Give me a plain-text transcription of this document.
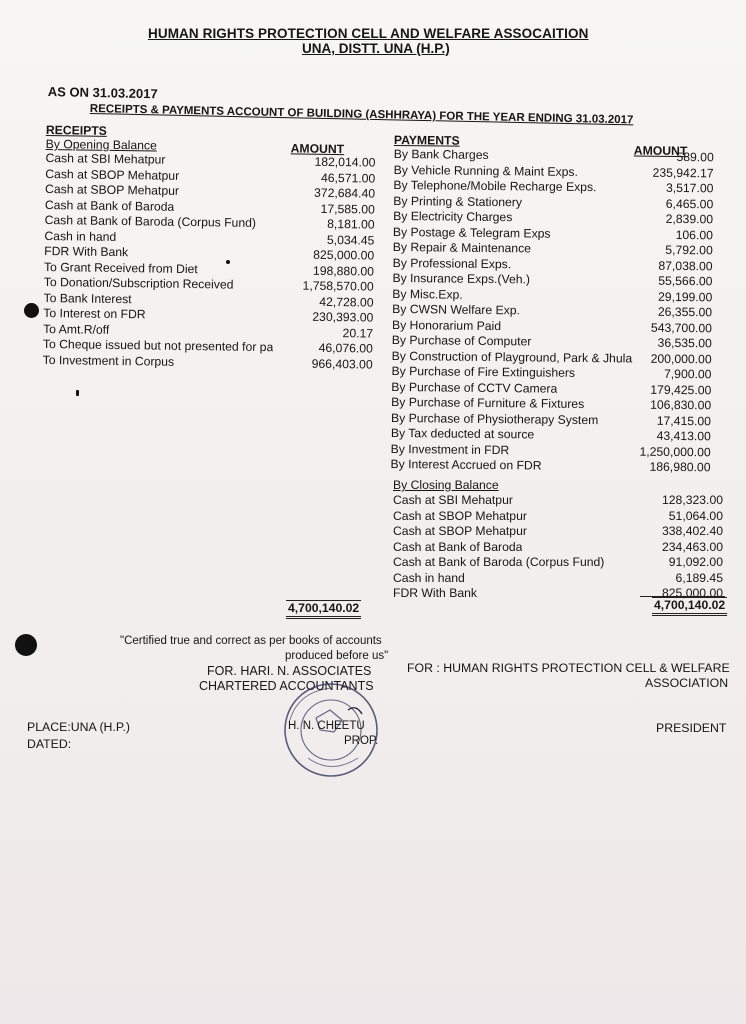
HUMAN RIGHTS PROTECTION CELL AND WELFARE ASSOCAITION
UNA, DISTT. UNA (H.P.)
AS ON 31.03.2017
RECEIPTS & PAYMENTS ACCOUNT OF BUILDING (ASHHRAYA) FOR THE YEAR ENDING 31.03.2017
RECEIPTS
AMOUNT
By Opening Balance
Cash at SBI Mehatpur	182,014.00
Cash at SBOP Mehatpur	46,571.00
Cash at SBOP Mehatpur	372,684.40
Cash at Bank of Baroda	17,585.00
Cash at Bank of Baroda (Corpus Fund)	8,181.00
Cash in hand	5,034.45
FDR With Bank	825,000.00
To Grant Received from Diet	198,880.00
To Donation/Subscription Received	1,758,570.00
To Bank Interest	42,728.00
To Interest on FDR	230,393.00
To Amt.R/off	20.17
To Cheque issued but not presented for pa	46,076.00
To Investment in Corpus	966,403.00
4,700,140.02
PAYMENTS
AMOUNT
By Bank Charges	589.00
By Vehicle Running & Maint Exps.	235,942.17
By Telephone/Mobile Recharge Exps.	3,517.00
By Printing & Stationery	6,465.00
By Electricity Charges	2,839.00
By Postage & Telegram Exps	106.00
By Repair & Maintenance	5,792.00
By Professional Exps.	87,038.00
By Insurance Exps.(Veh.)	55,566.00
By Misc.Exp.	29,199.00
By CWSN Welfare Exp.	26,355.00
By Honorarium Paid	543,700.00
By Purchase of Computer	36,535.00
By Construction of Playground, Park & Jhula 200,000.00
By Purchase of Fire Extinguishers	7,900.00
By Purchase of CCTV Camera	179,425.00
By Purchase of Furniture & Fixtures	106,830.00
By Purchase of Physiotherapy System	17,415.00
By Tax deducted at source	43,413.00
By Investment in FDR	1,250,000.00
By Interest Accrued on FDR	186,980.00
By Closing Balance
Cash at SBI Mehatpur	128,323.00
Cash at SBOP Mehatpur	51,064.00
Cash at SBOP Mehatpur	338,402.40
Cash at Bank of Baroda	234,463.00
Cash at Bank of Baroda (Corpus Fund)	91,092.00
Cash in hand	6,189.45
FDR With Bank	825,000.00
4,700,140.02
"Certified true and correct as per books of accounts
produced before us"
FOR. HARI. N. ASSOCIATES
CHARTERED ACCOUNTANTS
FOR : HUMAN RIGHTS PROTECTION CELL & WELFARE
ASSOCIATION
PLACE:UNA (H.P.)
DATED:
PRESIDENT
H. N. CHEETU
PROP.
